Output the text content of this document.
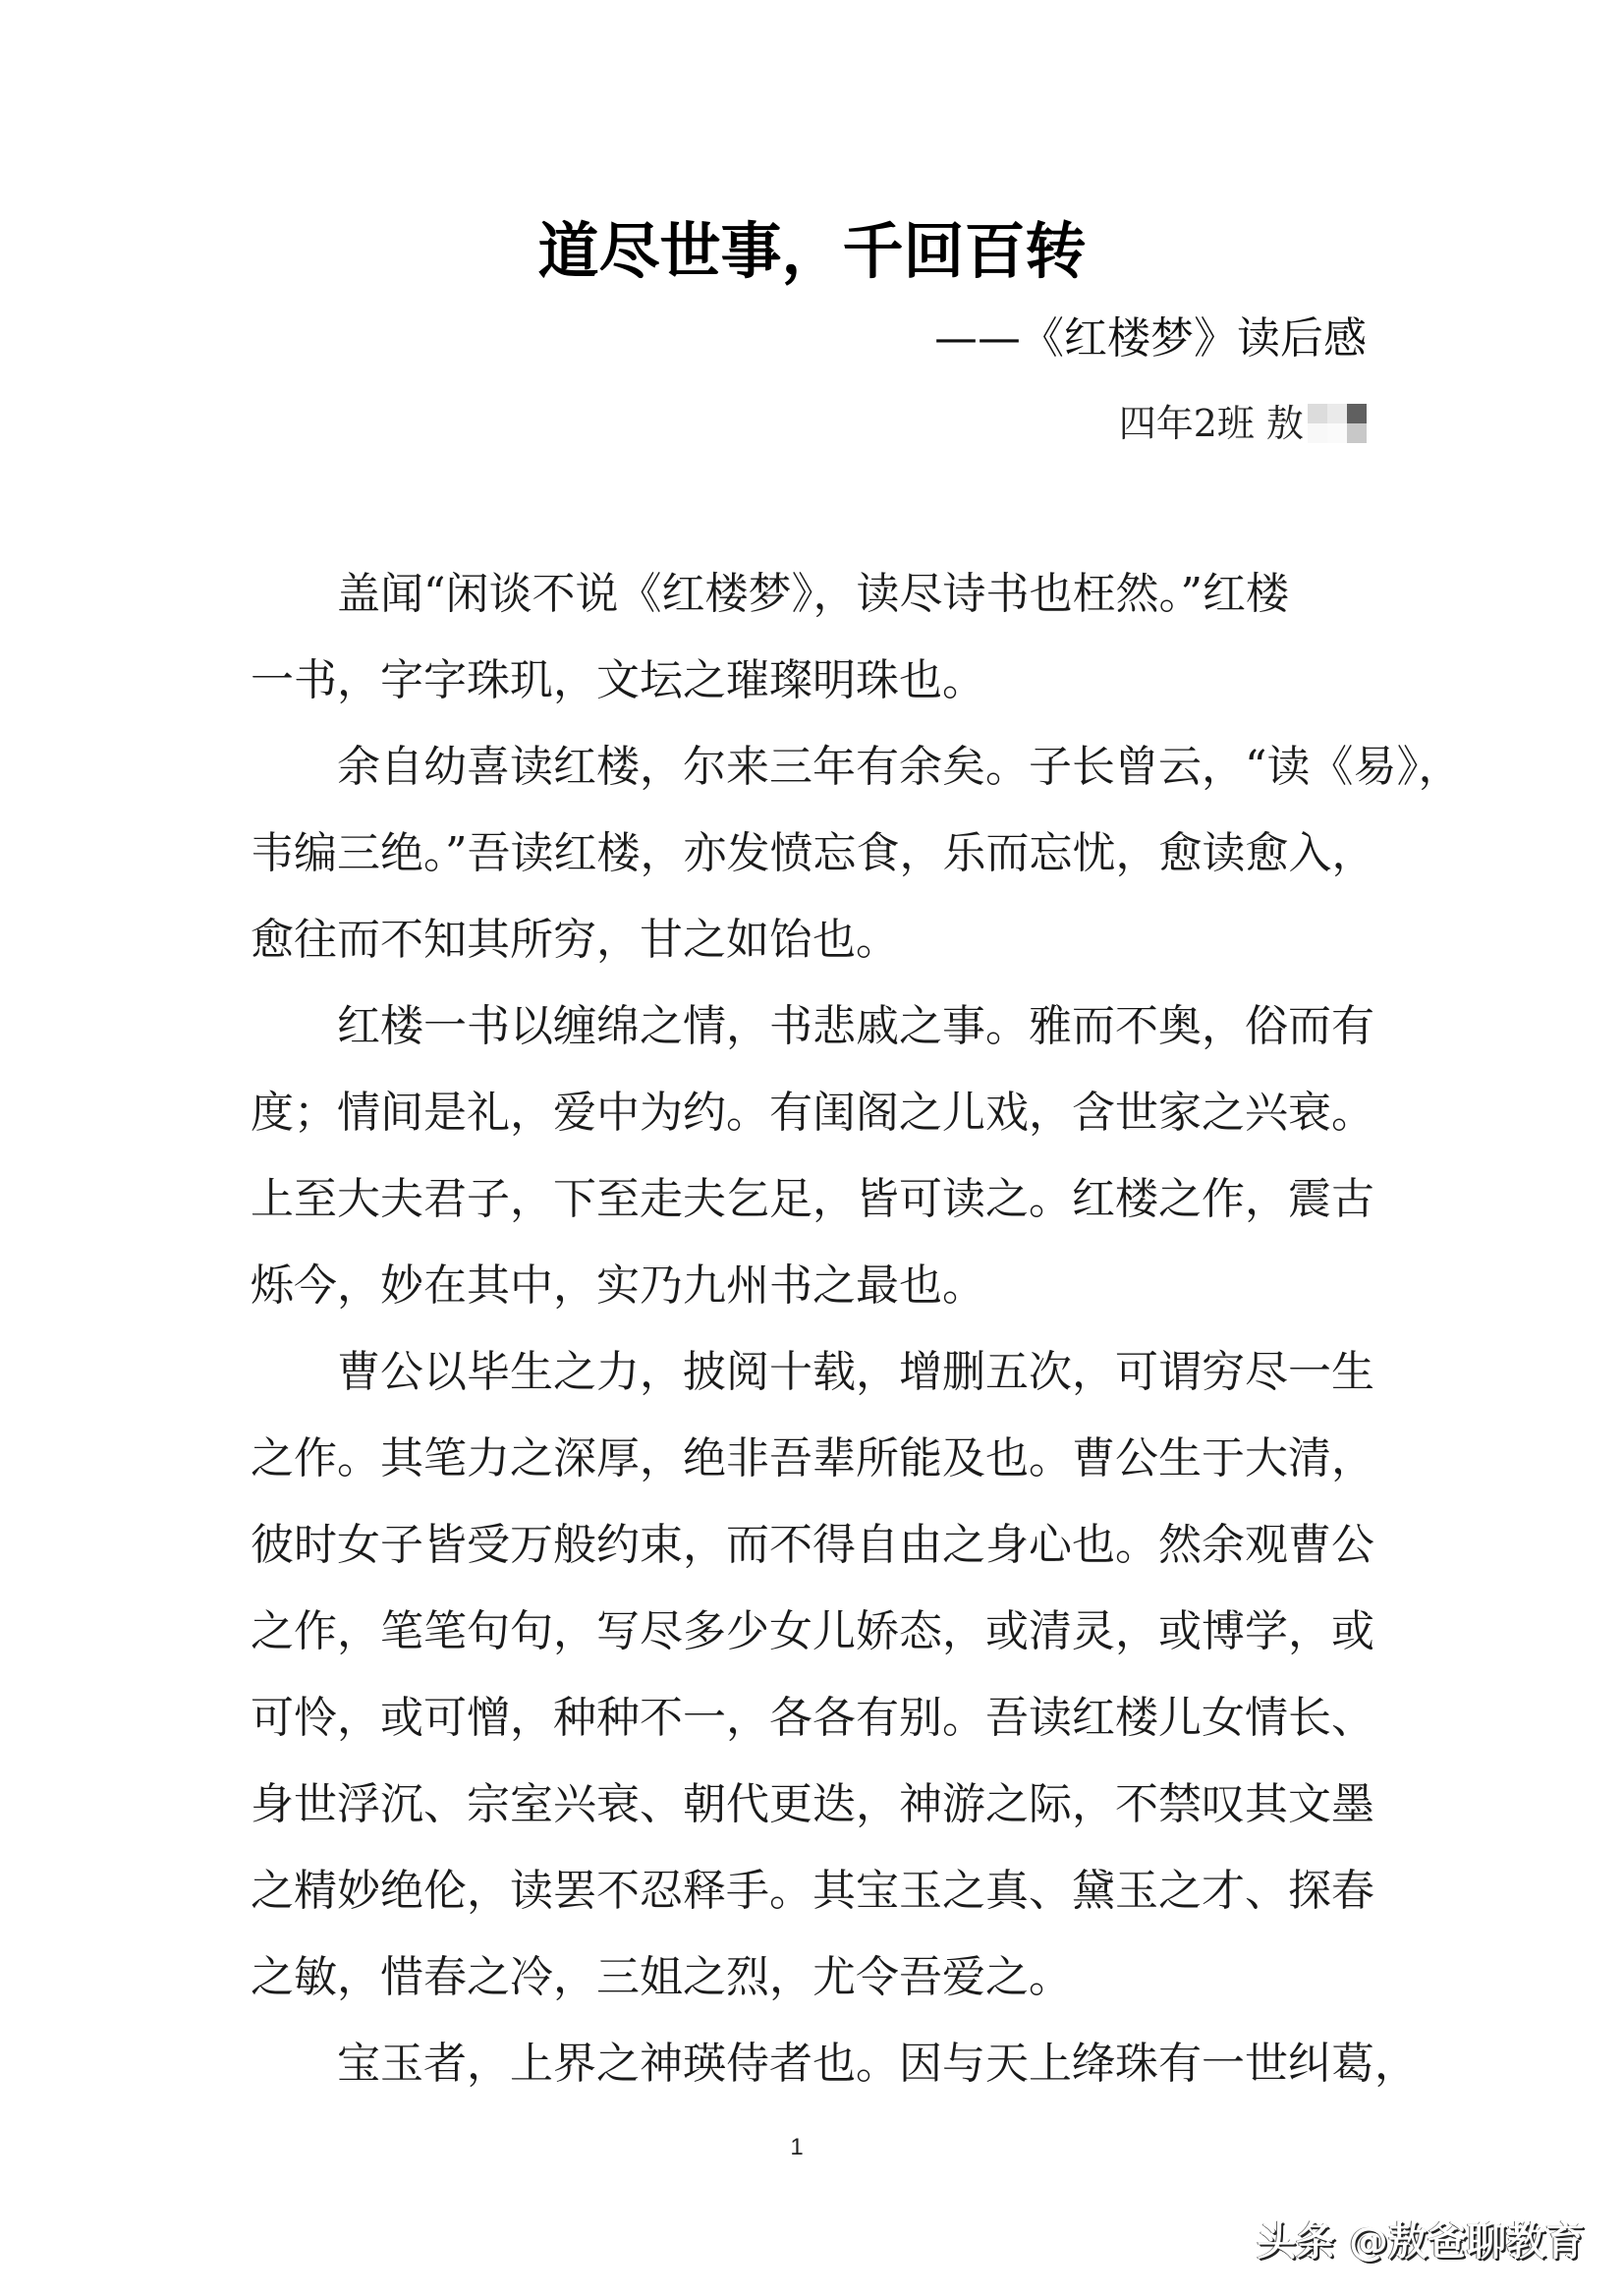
道尽世事，千回百转
——《红楼梦》读后感
四年2班 敖
盖闻“闲谈不说《红楼梦》，读尽诗书也枉然。”红楼
一书，字字珠玑，文坛之璀璨明珠也。
余自幼喜读红楼，尔来三年有余矣。子长曾云，“读《易》，
韦编三绝。”吾读红楼，亦发愤忘食，乐而忘忧，愈读愈入，
愈往而不知其所穷，甘之如饴也。
红楼一书以缠绵之情，书悲戚之事。雅而不奥，俗而有
度；情间是礼，爱中为约。有闺阁之儿戏，含世家之兴衰。
上至大夫君子，下至走夫乞足，皆可读之。红楼之作，震古
烁今，妙在其中，实乃九州书之最也。
曹公以毕生之力，披阅十载，增删五次，可谓穷尽一生
之作。其笔力之深厚，绝非吾辈所能及也。曹公生于大清，
彼时女子皆受万般约束，而不得自由之身心也。然余观曹公
之作，笔笔句句，写尽多少女儿娇态，或清灵，或博学，或
可怜，或可憎，种种不一，各各有别。吾读红楼儿女情长、
身世浮沉、宗室兴衰、朝代更迭，神游之际，不禁叹其文墨
之精妙绝伦，读罢不忍释手。其宝玉之真、黛玉之才、探春
之敏，惜春之冷，三姐之烈，尤令吾爱之。
宝玉者，上界之神瑛侍者也。因与天上绛珠有一世纠葛，
1
头条 @敖爸聊教育
